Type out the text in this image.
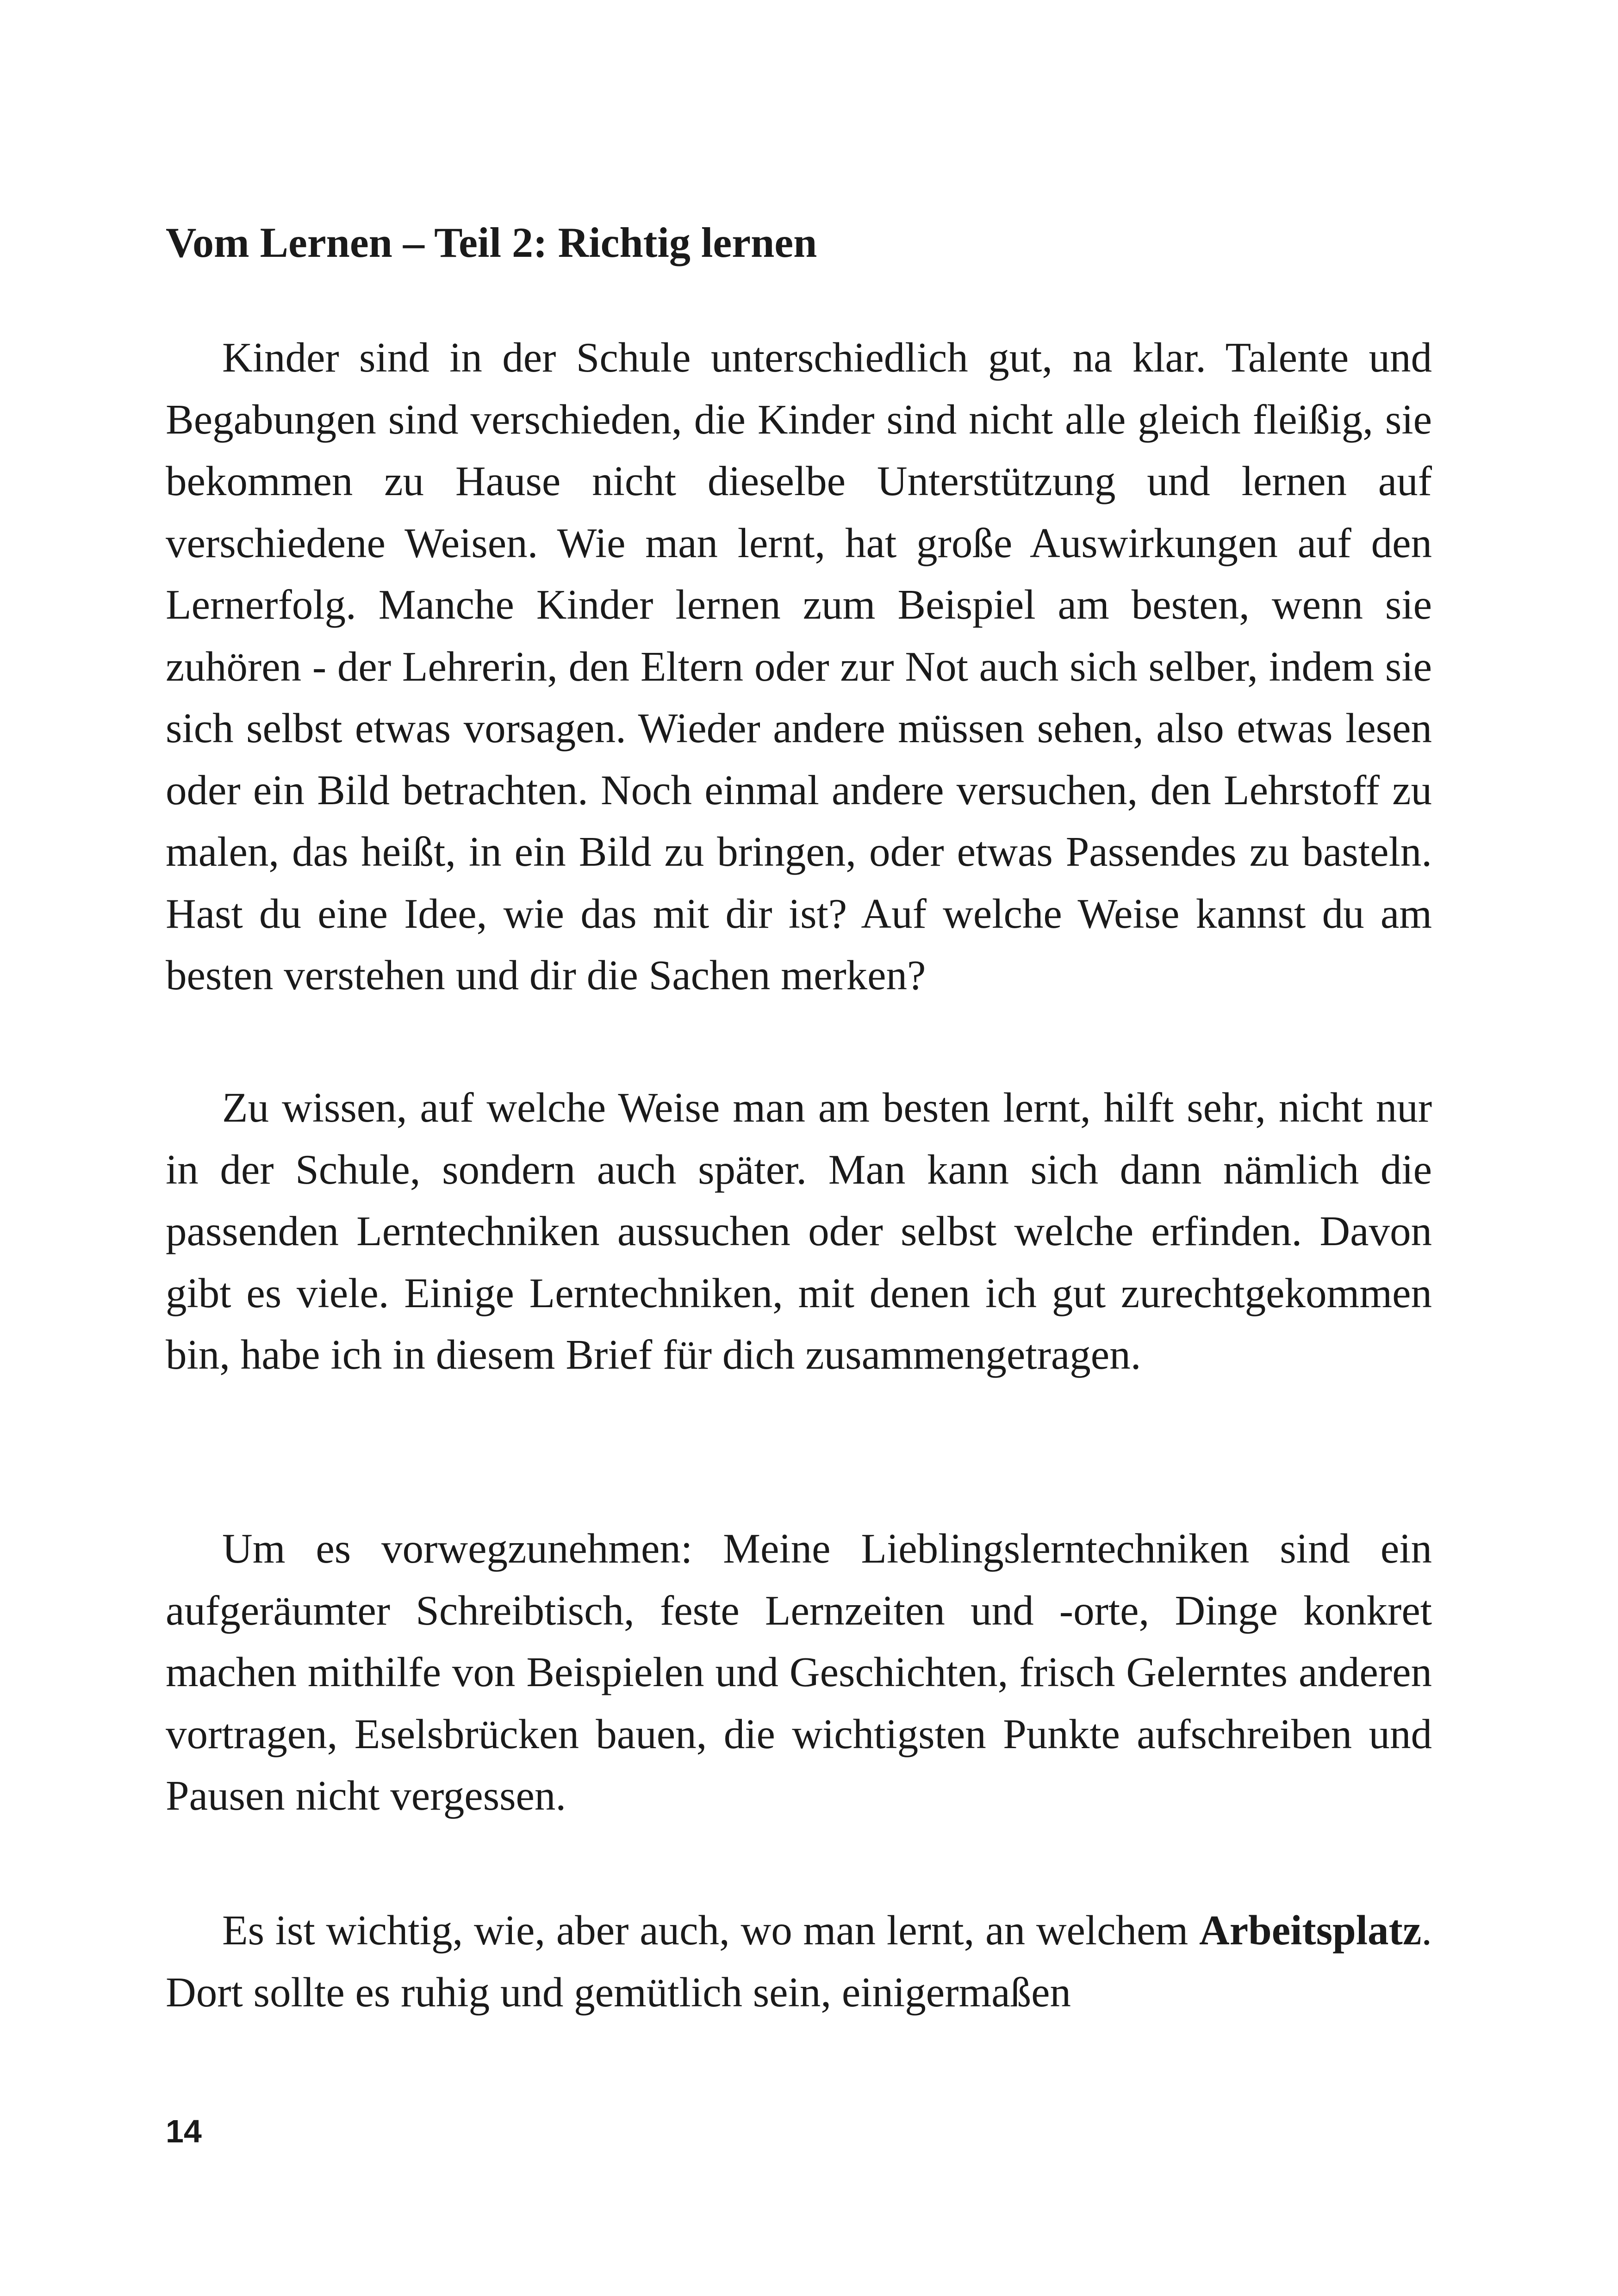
Vom Lernen – Teil 2: Richtig lernen

Kinder sind in der Schule unterschiedlich gut, na klar. Talente und Begabungen sind verschieden, die Kinder sind nicht alle gleich fleißig, sie bekommen zu Hause nicht dieselbe Unterstützung und lernen auf verschiedene Weisen. Wie man lernt, hat große Auswirkungen auf den Lernerfolg. Manche Kinder lernen zum Beispiel am besten, wenn sie zuhören - der Lehrerin, den Eltern oder zur Not auch sich selber, indem sie sich selbst etwas vorsagen. Wieder andere müssen sehen, also etwas lesen oder ein Bild betrachten. Noch einmal andere versuchen, den Lehrstoff zu malen, das heißt, in ein Bild zu bringen, oder etwas Passendes zu basteln. Hast du eine Idee, wie das mit dir ist? Auf welche Weise kannst du am besten verstehen und dir die Sachen merken?

Zu wissen, auf welche Weise man am besten lernt, hilft sehr, nicht nur in der Schule, sondern auch später. Man kann sich dann nämlich die passenden Lerntechniken aussuchen oder selbst welche erfinden. Davon gibt es viele. Einige Lerntechniken, mit denen ich gut zurechtgekommen bin, habe ich in diesem Brief für dich zusammengetragen.

Um es vorwegzunehmen: Meine Lieblingslerntechniken sind ein aufgeräumter Schreibtisch, feste Lernzeiten und -orte, Dinge konkret machen mithilfe von Beispielen und Geschichten, frisch Gelerntes anderen vortragen, Eselsbrücken bauen, die wichtigsten Punkte aufschreiben und Pausen nicht vergessen.

Es ist wichtig, wie, aber auch, wo man lernt, an welchem Arbeitsplatz. Dort sollte es ruhig und gemütlich sein, einigermaßen

14
